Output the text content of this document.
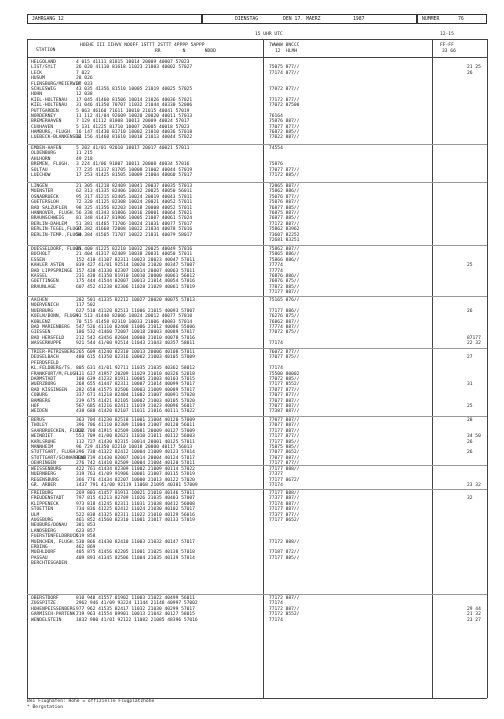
JAHRGANG 12	DIENSTAG	DEN 17. MAERZ	1987	NUMMER	76
15 UHR UTC	12-15
STATION
HOEHE III IIHVV NOOFF 1STTT 2STTT 4PPPP 5APPP
RR        N       NDDD
7WWWW 8NCCC
12  HLMH
FF-FF
33 66
HELGOLAND	4 015 41111 81815 10014 20009 40007 57023
LIST/SYLT	26 020 41110 81618 11023 21003 40002 57027	75075 877//	21 25
LECK	7 022	77174 877//	26
HUSUM	28 026
FLENSBURG/MEIERWIK
27 033
SCHLESWIG	43 035 41356 81510 10005 21019 40025 57025	77872 877//
HOHN	12 038
KIEL-HOLTENAU 17 045 41460 81506 10014 21026 40036 57021	77172 877//
KIEL-HOLTENAU 31 046 41350 70707 11032 21044 40330 52006	77072 87500
PUTTGARDEN	5 063 46160 71611 10010 21015 40041 57019
NORDERNEY	11 112 41/04 92609 10020 20020 40011 57013	76164
BREMERHAVEN	7 129 41112 81808 10013 20009 40024 57017	75876 887//
CUXHAVEN	5 131 41225 81710 10007 20005 40018 57023	77077 877//
HAMBURG, FLUGH. 16 147 41430 81710 10002 21010 40036 57018	76872 885//
LUEBECK-BLANKENSEE
14 156 41460 81610 10010 21013 40044 57022	77022 887//
EMDEN-HAFEN	5 202 41/01 92010 10017 20017 40021 57011	74554
OLDENBURG	11 215
AHLHORN	49 218
BREMEN, FLUGH. 3 224 41/06 91807 10011 20008 40034 57016	75876
SOLTAU	77 235 41317 81705 10008 21002 40044 57019	77077 877//
LUECHOW	17 253 41425 81505 10009 21004 40060 57017	77172 885//
LINGEN	21 305 41218 82409 10041 20037 40035 57013	72065 887//
MUENSTER	62 313 41335 82406 10032 20025 40050 56011	75862 886//
OSNABRUECK	95 317 41215 82405 10024 20019 40043 57011	75076 877//
GUETERSLOH	72 320 41125 82308 10024 20021 40052 57011	75876 887//
BAD SALZUFLEN 98 325 41356 82203 10018 20008 40052 57011	76877 885//
HANNOVER, FLUGH. 56 338 41343 81806 10016 20001 40064 57021	76875 887//
BRAUNSCHWEIG	81 348 41437 81906 10005 21007 40061 57024	76877 885//
BERLIN-DAHLEM 51 381 41465 71706 10024 21031 40077 57017	77172 887//
BERLIN-TEGEL,FLUGH.
37 382 41668 72008 10022 21034 40078 57016	75862 83962
BERLIN-TEMP.,FLUGH.
50 384 41565 71707 10022 21031 40079 58017	73607 82252
72681 83251
DUESSELDORF, FLUGH.
45 400 41225 82210 10032 20025 40049 57016	75862 887//
BOCHOLT	21 404 41317 82409 10038 20031 40050 57011	75865 886//
ESSEN	152 410 41107 82311 10023 20023 40047 57011	75866 886//
KAHLER ASTEN	839 427 41/01 92514 10020 21020 40347 57007	77774	25
BAD LIPPSPRINGE 157 430 41330 82307 10014 20007 40063 57011	77774
KASSEL	231 438 41350 81910 10010 20000 40061 56012	76876 886//
GOETTINGEN	175 444 41544 82007 10013 21014 40054 57016	76876 875//
BRAUNLAGE	607 452 41238 82306 11028 21029 40061 57019	77872 885//
77177 887//
AACHEN	202 501 41335 82212 10027 20020 40075 57013	75165 876//
NOERVENICH	117 502
NUERBURG	627 510 41120 82513 11006 21015 40093 57007	77177 886//	26
KOELN/BONN, FLUGH.
91 513 41440 82006 10024 20012 40077 57010	76276 875//
KOBLENZ	70 515 41458 82310 10033 21006 40083 57014	76862 887//
BAD MARIENBERG 547 526 41110 82408 11006 21012 40086 55006	77774 887//
GIESSEN	186 532 41460 72007 10018 20003 40089 57017	77072 875//
BAD HERSFELD	212 542 43456 82604 10008 21010 40078 57016	87177
WASSERKUPPE	921 544 41/00 92514 11043 21043 40357 58011	77174	22 32
TRIER-PETRISBERG 265 609 41240 82310 10013 20006 40108 57011	76072 877//
DEUSELBACH	480 615 41350 82316 10002 21003 40105 57009	77077 875//	27
PFERDSFELD
KL.FELDBERG/TS. 805 631 41/01 92711 11035 21035 40362 58012	77174
FRANKFURT/M,FLUGH.
111 637 41957 20209 11029 21010 40326 52018	75500 80002
DARMSTADT	108 639 41232 81911 10005 21003 40103 57015	77072 885//
WUERZBURG	268 655 41447 82311 10007 21014 40099 57017	77177 8552/	31
BAD KISSINGEN 282 658 41575 82506 10003 21009 40089 57017	77077 877//
COBURG	337 671 41218 82404 11002 21007 40091 57020	77077 877//
BAMBERG	239 675 41421 82105 10002 21003 40105 57020	77077 887//
HOF	567 685 41216 82411 11019 21023 40096 56017	77077 887//	25
WEIDEN	438 688 41420 82107 11011 21016 40111 57022	77387 887//
BERUS	363 704 41230 82518 11001 21004 40120 57009	77077 887//	28
THOLEY	396 706 41110 82309 11004 21007 40120 56011	77077 887//
SAARBRUECKEN, FLUGH.
322 708 41915 82509 10001 20009 40127 57009	77177 887//
WEINBIET	553 709 41/00 82623 11010 21011 40112 56003	77177 877//	34 50
KARLSRUHE	112 727 41430 82315 10014 20001 40125 57011	77177 885//	26
MANNHEIM	96 729 41350 82210 10018 20000 40117 56013	75875 885//
STUTTGART, FLUGH.
396 738 41322 82412 10004 21009 40123 57014	77077 8652/	26
STUTTGART/SCHNARRENB
314 739 41430 82007 10014 20004 40124 57017	77077 887//
OEHRINGEN	276 742 41410 82509 10004 21004 40120 57011	77177 877//
WEISSENBURG	422 761 41434 82309 11002 21009 40114 57022	77177 888//
NUERNBERG	319 763 41/09 91906 10001 21007 40115 57019	77377
REGENSBURG	366 776 41434 82207 10000 21013 40122 57020	77177 8672/
GR. ARBER	1437 791 41/00 92119 11068 21095 40381 57009	77174	23 32
FREIBURG	269 803 41457 81913 10021 21010 40146 57011	77177 888//
FREUDENSTADT	797 815 41213 82709 11026 21035 40403 57007	77377 887//	32
KLIPPENECK	973 818 41245 82311 11031 21038 40412 56008	77174 887//
STOETTEN	734 836 41225 82412 11024 21030 40102 57017	77177 887//
ULM	522 838 41325 82311 11022 21010 40129 56016	77377 877//
AUGSBURG	461 852 41560 82310 11001 21017 40133 57019	77177 8652/
NEUBURG/DONAU 381 853
LANDSBERG	623 857
FUERSTENFELDBRUCK
519 858
MUENCHEN, FLUGH. 530 866 41430 82410 11003 21032 40147 57017	77172 888//
ERDING	462 869
MUEHLDORF	405 875 41456 82205 11001 21025 40138 57018	77187 872//
PASSAU	409 893 41345 82506 11004 21035 40139 57014	77177 885//
BERCHTESGADEN
OBERSTDORF	810 948 41557 81902 11003 21022 40499 56011	77172 887//
ZUGSPITZE	2962 946 41/09 93224 11144 21148 40997 57002	77174
HOHENPEISSENBERG 977 962 41535 82417 11032 21030 40299 57017	77172 887//	29 44
GARMISCH-PARTENK.
719 963 41554 89901 10013 21042 40127 58015	77172 8552/	21 32
WENDELSTEIN	1832 980 41/01 92122 11082 21085 48396 57016	77174	23 27
Bei Flughäfen: Höhe = offizielle Flugplatzhöhe
* Bergstation
